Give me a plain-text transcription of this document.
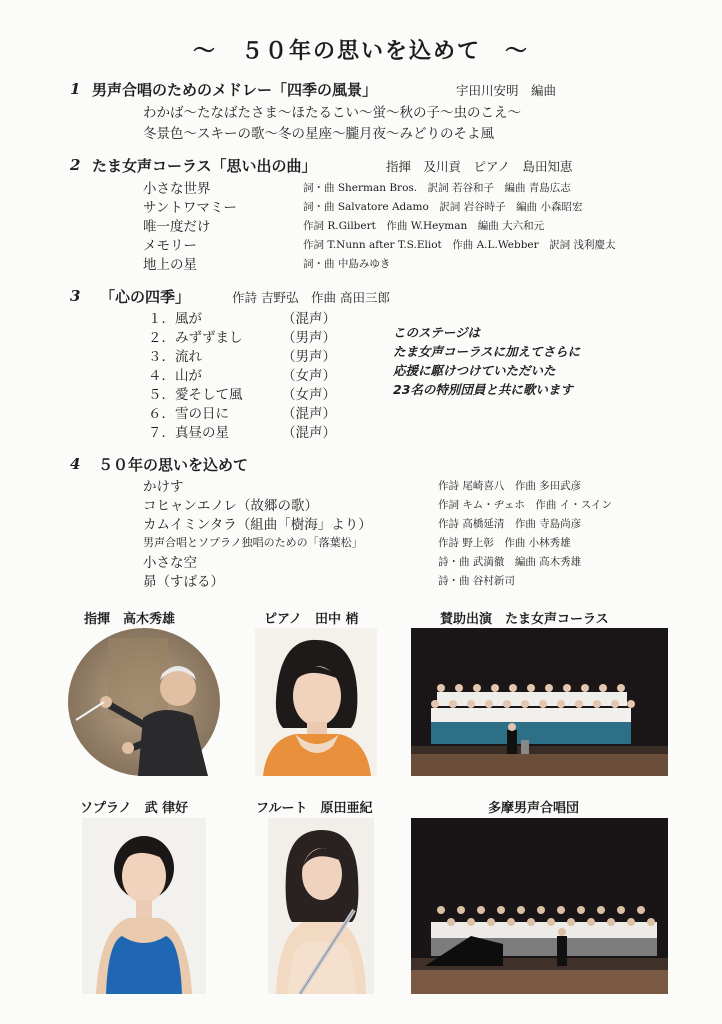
～　５０年の思いを込めて　～
1 男声合唱のためのメドレー「四季の風景」	宇田川安明　編曲
わかば～たなばたさま～ほたるこい～蛍～秋の子～虫のこえ～
冬景色～スキーの歌～冬の星座～朧月夜～みどりのそよ風
2 たま女声コーラス「思い出の曲」	指揮　及川貢　ピアノ　島田知恵
小さな世界	詞・曲 Sherman Bros.　訳詞 若谷和子　編曲 青島広志
サントワマミー	詞・曲 Salvatore Adamo　訳詞 岩谷時子　編曲 小森昭宏
唯一度だけ	作詞 R.Gilbert　作曲 W.Heyman　編曲 大六和元
メモリー	作詞 T.Nunn after T.S.Eliot　作曲 A.L.Webber　訳詞 浅利慶太
地上の星	詞・曲 中島みゆき
3 「心の四季」	作詩 吉野弘　作曲 高田三郎
１．風が	（混声）
２．みずずまし	（男声）
３．流れ	（男声）
４．山が	（女声）
５．愛そして風	（女声）
６．雪の日に	（混声）
７．真昼の星	（混声）
このステージは
たま女声コーラスに加えてさらに
応援に駆けつけていただいた
23名の特別団員と共に歌います
4 ５０年の思いを込めて
かけす	作詩 尾崎喜八　作曲 多田武彦
コヒャンエノレ（故郷の歌）	作詞 キム・ヂェホ　作曲 イ・スイン
カムイミンタラ（組曲「樹海」より）	作詩 高橋延清　作曲 寺島尚彦
男声合唱とソプラノ独唱のための「落葉松」	作詩 野上彰　作曲 小林秀雄
小さな空	詩・曲 武満徹　編曲 高木秀雄
昴（すばる）	詩・曲 谷村新司
指揮　高木秀雄	ピアノ　田中 梢	賛助出演　たま女声コーラス
ソプラノ　武 律好	フルート　原田亜紀	多摩男声合唱団
